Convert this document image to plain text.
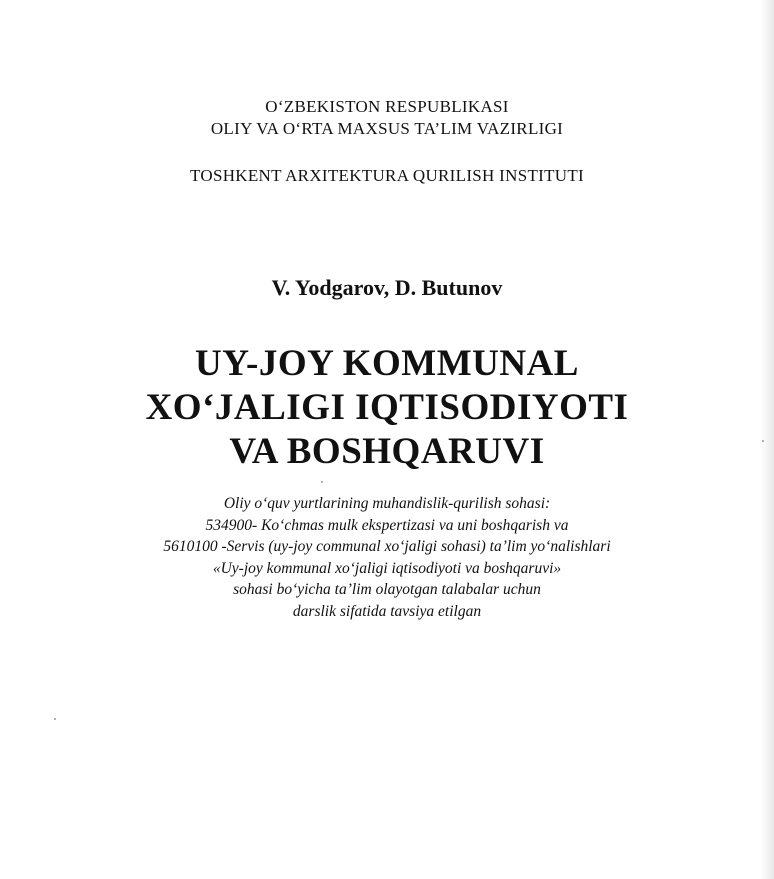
O‘ZBEKISTON RESPUBLIKASI
OLIY VA O‘RTA MAXSUS TA’LIM VAZIRLIGI
TOSHKENT ARXITEKTURA QURILISH INSTITUTI
V. Yodgarov, D. Butunov
UY-JOY KOMMUNAL
XO‘JALIGI IQTISODIYOTI
VA BOSHQARUVI
Oliy o‘quv yurtlarining muhandislik-qurilish sohasi:
534900- Ko‘chmas mulk ekspertizasi va uni boshqarish va
5610100 -Servis (uy-joy communal xo‘jaligi sohasi) ta’lim yo‘nalishlari
«Uy-joy kommunal xo‘jaligi iqtisodiyoti va boshqaruvi»
sohasi bo‘yicha ta’lim olayotgan talabalar uchun
darslik sifatida tavsiya etilgan
